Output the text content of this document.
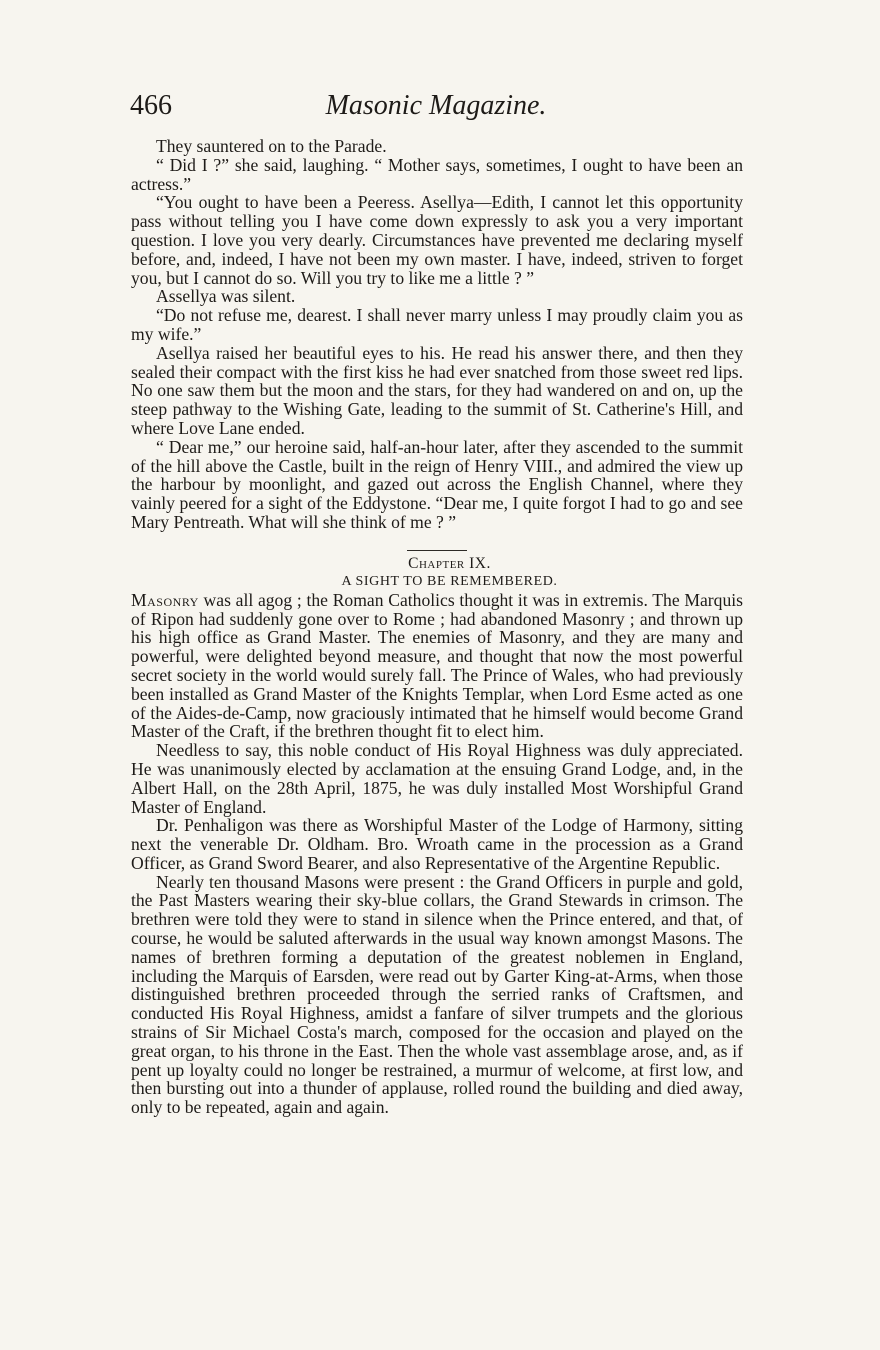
466	Masonic Magazine.

They sauntered on to the Parade.

“ Did I ?” she said, laughing. “ Mother says, sometimes, I ought to have been an actress.”

“You ought to have been a Peeress. Asellya—Edith, I cannot let this opportunity pass without telling you I have come down expressly to ask you a very important question. I love you very dearly. Circumstances have prevented me declaring myself before, and, indeed, I have not been my own master. I have, indeed, striven to forget you, but I cannot do so. Will you try to like me a little ? ”

Assellya was silent.

“Do not refuse me, dearest. I shall never marry unless I may proudly claim you as my wife.”

Asellya raised her beautiful eyes to his. He read his answer there, and then they sealed their compact with the first kiss he had ever snatched from those sweet red lips. No one saw them but the moon and the stars, for they had wandered on and on, up the steep pathway to the Wishing Gate, leading to the summit of St. Catherine's Hill, and where Love Lane ended.

“ Dear me,” our heroine said, half-an-hour later, after they ascended to the summit of the hill above the Castle, built in the reign of Henry VIII., and admired the view up the harbour by moonlight, and gazed out across the English Channel, where they vainly peered for a sight of the Eddystone. “Dear me, I quite forgot I had to go and see Mary Pentreath. What will she think of me ? ”

Chapter IX.

A SIGHT TO BE REMEMBERED.

Masonry was all agog ; the Roman Catholics thought it was in extremis. The Marquis of Ripon had suddenly gone over to Rome ; had abandoned Masonry ; and thrown up his high office as Grand Master. The enemies of Masonry, and they are many and powerful, were delighted beyond measure, and thought that now the most powerful secret society in the world would surely fall. The Prince of Wales, who had previously been installed as Grand Master of the Knights Templar, when Lord Esme acted as one of the Aides-de-Camp, now graciously intimated that he himself would become Grand Master of the Craft, if the brethren thought fit to elect him.

Needless to say, this noble conduct of His Royal Highness was duly appreciated. He was unanimously elected by acclamation at the ensuing Grand Lodge, and, in the Albert Hall, on the 28th April, 1875, he was duly installed Most Worshipful Grand Master of England.

Dr. Penhaligon was there as Worshipful Master of the Lodge of Harmony, sitting next the venerable Dr. Oldham. Bro. Wroath came in the procession as a Grand Officer, as Grand Sword Bearer, and also Representative of the Argentine Republic.

Nearly ten thousand Masons were present : the Grand Officers in purple and gold, the Past Masters wearing their sky-blue collars, the Grand Stewards in crimson. The brethren were told they were to stand in silence when the Prince entered, and that, of course, he would be saluted afterwards in the usual way known amongst Masons. The names of brethren forming a deputation of the greatest noblemen in England, including the Marquis of Earsden, were read out by Garter King-at-Arms, when those distinguished brethren proceeded through the serried ranks of Craftsmen, and conducted His Royal Highness, amidst a fanfare of silver trumpets and the glorious strains of Sir Michael Costa's march, composed for the occasion and played on the great organ, to his throne in the East. Then the whole vast assemblage arose, and, as if pent up loyalty could no longer be restrained, a murmur of welcome, at first low, and then bursting out into a thunder of applause, rolled round the building and died away, only to be repeated, again and again.
